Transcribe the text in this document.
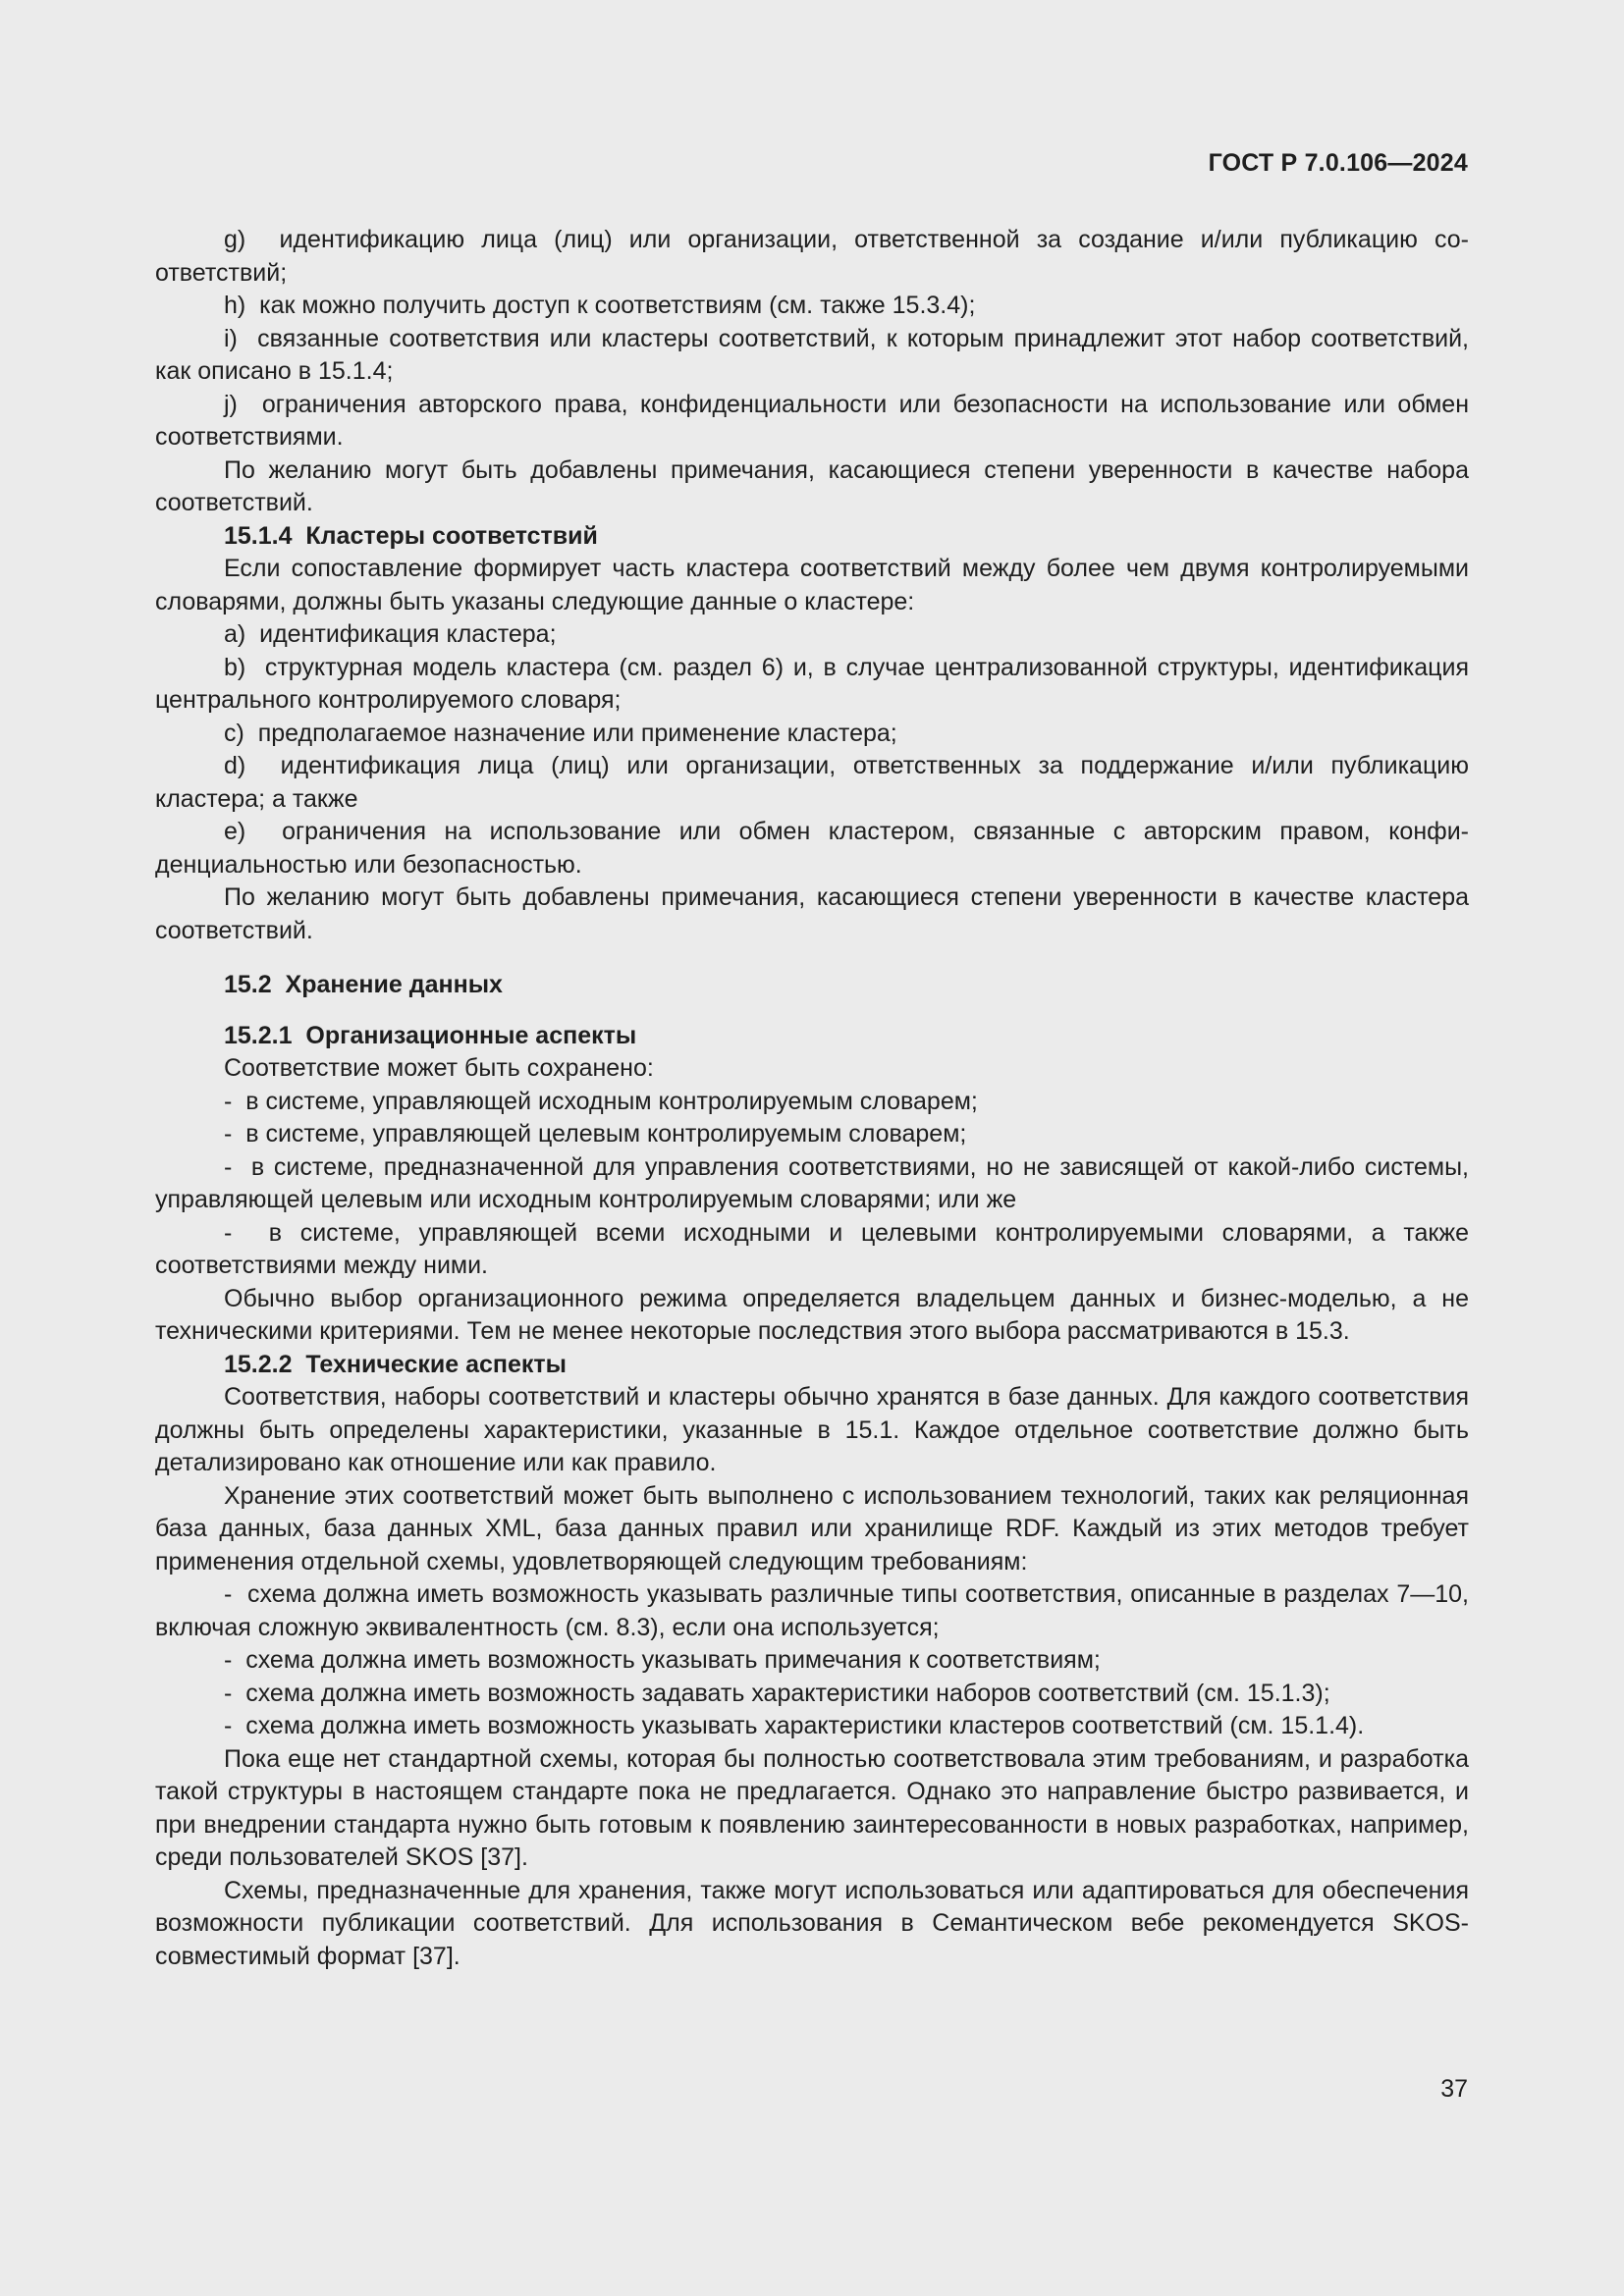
ГОСТ Р 7.0.106—2024

g)  идентификацию лица (лиц) или организации, ответственной за создание и/или публикацию соответствий;

h)  как можно получить доступ к соответствиям (см. также 15.3.4);

i)  связанные соответствия или кластеры соответствий, к которым принадлежит этот набор соответствий, как описано в 15.1.4;

j)  ограничения авторского права, конфиденциальности или безопасности на использование или обмен соответствиями.

По желанию могут быть добавлены примечания, касающиеся степени уверенности в качестве набора соответствий.

15.1.4  Кластеры соответствий

Если сопоставление формирует часть кластера соответствий между более чем двумя контролируемыми словарями, должны быть указаны следующие данные о кластере:

а)  идентификация кластера;

b)  структурная модель кластера (см. раздел 6) и, в случае централизованной структуры, идентификация центрального контролируемого словаря;

c)  предполагаемое назначение или применение кластера;

d)  идентификация лица (лиц) или организации, ответственных за поддержание и/или публикацию кластера; а также

e)  ограничения на использование или обмен кластером, связанные с авторским правом, конфиденциальностью или безопасностью.

По желанию могут быть добавлены примечания, касающиеся степени уверенности в качестве кластера соответствий.

15.2  Хранение данных
15.2.1  Организационные аспекты

Соответствие может быть сохранено:

-  в системе, управляющей исходным контролируемым словарем;

-  в системе, управляющей целевым контролируемым словарем;

-  в системе, предназначенной для управления соответствиями, но не зависящей от какой-либо системы, управляющей целевым или исходным контролируемым словарями; или же

-  в системе, управляющей всеми исходными и целевыми контролируемыми словарями, а также соответствиями между ними.

Обычно выбор организационного режима определяется владельцем данных и бизнес-моделью, а не техническими критериями. Тем не менее некоторые последствия этого выбора рассматриваются в 15.3.

15.2.2  Технические аспекты

Соответствия, наборы соответствий и кластеры обычно хранятся в базе данных. Для каждого соответствия должны быть определены характеристики, указанные в 15.1. Каждое отдельное соответствие должно быть детализировано как отношение или как правило.

Хранение этих соответствий может быть выполнено с использованием технологий, таких как реляционная база данных, база данных XML, база данных правил или хранилище RDF. Каждый из этих методов требует применения отдельной схемы, удовлетворяющей следующим требованиям:

-  схема должна иметь возможность указывать различные типы соответствия, описанные в разделах 7—10, включая сложную эквивалентность (см. 8.3), если она используется;

-  схема должна иметь возможность указывать примечания к соответствиям;

-  схема должна иметь возможность задавать характеристики наборов соответствий (см. 15.1.3);

-  схема должна иметь возможность указывать характеристики кластеров соответствий (см. 15.1.4).

Пока еще нет стандартной схемы, которая бы полностью соответствовала этим требованиям, и разработка такой структуры в настоящем стандарте пока не предлагается. Однако это направление быстро развивается, и при внедрении стандарта нужно быть готовым к появлению заинтересованности в новых разработках, например, среди пользователей SKOS [37].

Схемы, предназначенные для хранения, также могут использоваться или адаптироваться для обеспечения возможности публикации соответствий. Для использования в Семантическом вебе рекомендуется SKOS-совместимый формат [37].

37
